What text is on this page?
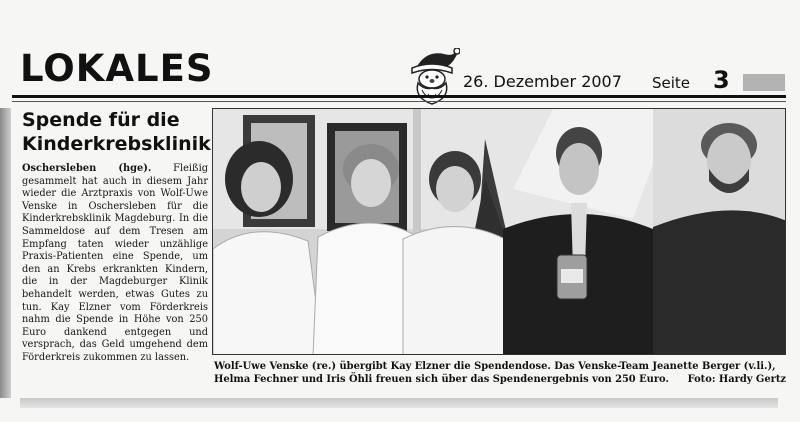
LOKALES	26. Dezember 2007 Seite 3
Spende für die Kinderkrebsklinik
Oschersleben (hge). Fleißig gesammelt hat auch in diesem Jahr wieder die Arztpraxis von Wolf-Uwe Venske in Oschersleben für die Kinderkrebsklinik Magdeburg. In die Sammeldose auf dem Tresen am Empfang taten wieder unzählige Praxis-Patienten eine Spende, um den an Krebs erkrankten Kindern, die in der Magdeburger Klinik behandelt werden, etwas Gutes zu tun. Kay Elzner vom Förderkreis nahm die Spende in Höhe von 250 Euro dankend entgegen und versprach, das Geld umgehend dem Förderkreis zukommen zu lassen.
Wolf-Uwe Venske (re.) übergibt Kay Elzner die Spendendose. Das Venske-Team Jeanette Berger (v.li.), Helma Fechner und Iris Öhli freuen sich über das Spendenergebnis von 250 Euro. Foto: Hardy Gertz
